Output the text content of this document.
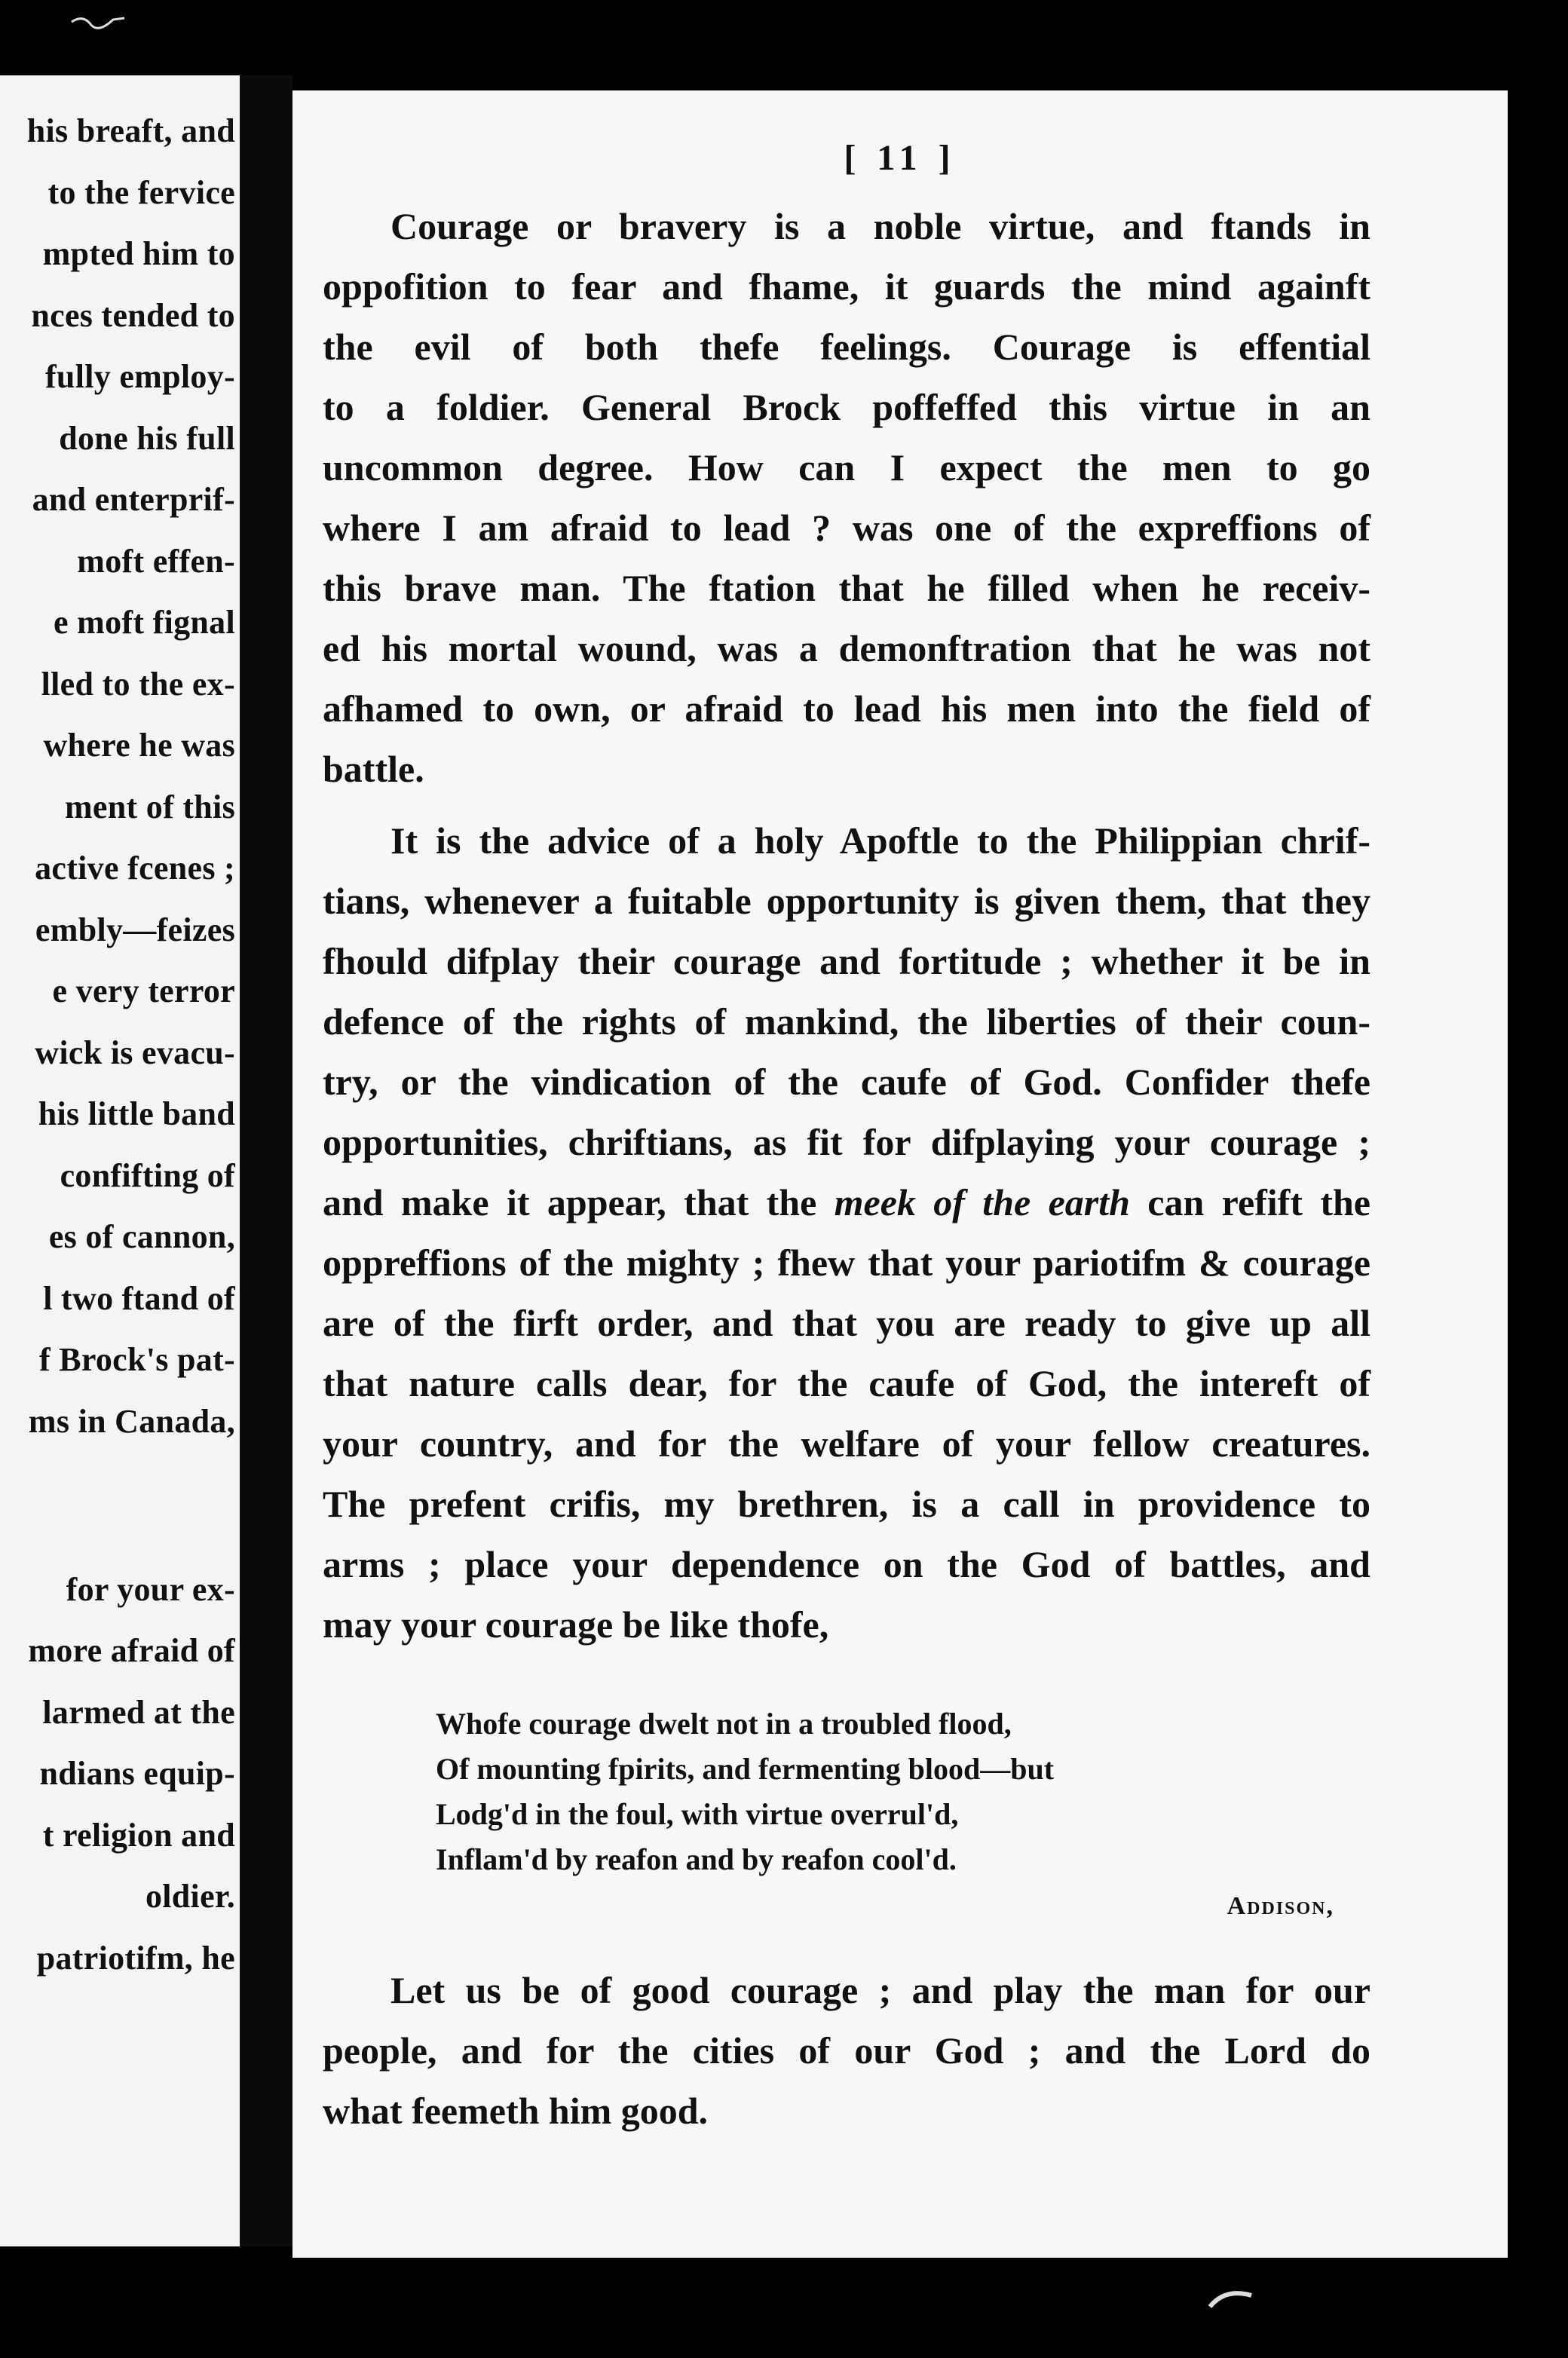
his breaft, and
to the fervice
mpted him to
nces tended to
fully employ-
done his full
and enterprif-
moft effen-
e moft fignal
lled to the ex-
where he was
ment of this
active fcenes ;
embly—feizes
e very terror
wick is evacu-
his little band
confifting of
es of cannon,
l two ftand of
f Brock's pat-
ms in Canada,
for your ex-
more afraid of
larmed at the
ndians equip-
t religion and
oldier.
patriotifm, he
[ 11 ]
Courage or bravery is a noble virtue, and ftands in
oppofition to fear and fhame, it guards the mind againft
the evil of both thefe feelings. Courage is effential
to a foldier. General Brock poffeffed this virtue in an
uncommon degree. How can I expect the men to go
where I am afraid to lead ? was one of the expreffions of
this brave man. The ftation that he filled when he receiv-
ed his mortal wound, was a demonftration that he was not
afhamed to own, or afraid to lead his men into the field of
battle.
It is the advice of a holy Apoftle to the Philippian chrif-
tians, whenever a fuitable opportunity is given them, that they
fhould difplay their courage and fortitude ; whether it be in
defence of the rights of mankind, the liberties of their coun-
try, or the vindication of the caufe of God. Confider thefe
opportunities, chriftians, as fit for difplaying your courage ;
and make it appear, that the meek of the earth can refift the
oppreffions of the mighty ; fhew that your pariotifm & courage
are of the firft order, and that you are ready to give up all
that nature calls dear, for the caufe of God, the intereft of
your country, and for the welfare of your fellow creatures.
The prefent crifis, my brethren, is a call in providence to
arms ; place your dependence on the God of battles, and
may your courage be like thofe,
Whofe courage dwelt not in a troubled flood,
Of mounting fpirits, and fermenting blood—but
Lodg'd in the foul, with virtue overrul'd,
Inflam'd by reafon and by reafon cool'd.
Addison,
Let us be of good courage ; and play the man for our
people, and for the cities of our God ; and the Lord do
what feemeth him good.
